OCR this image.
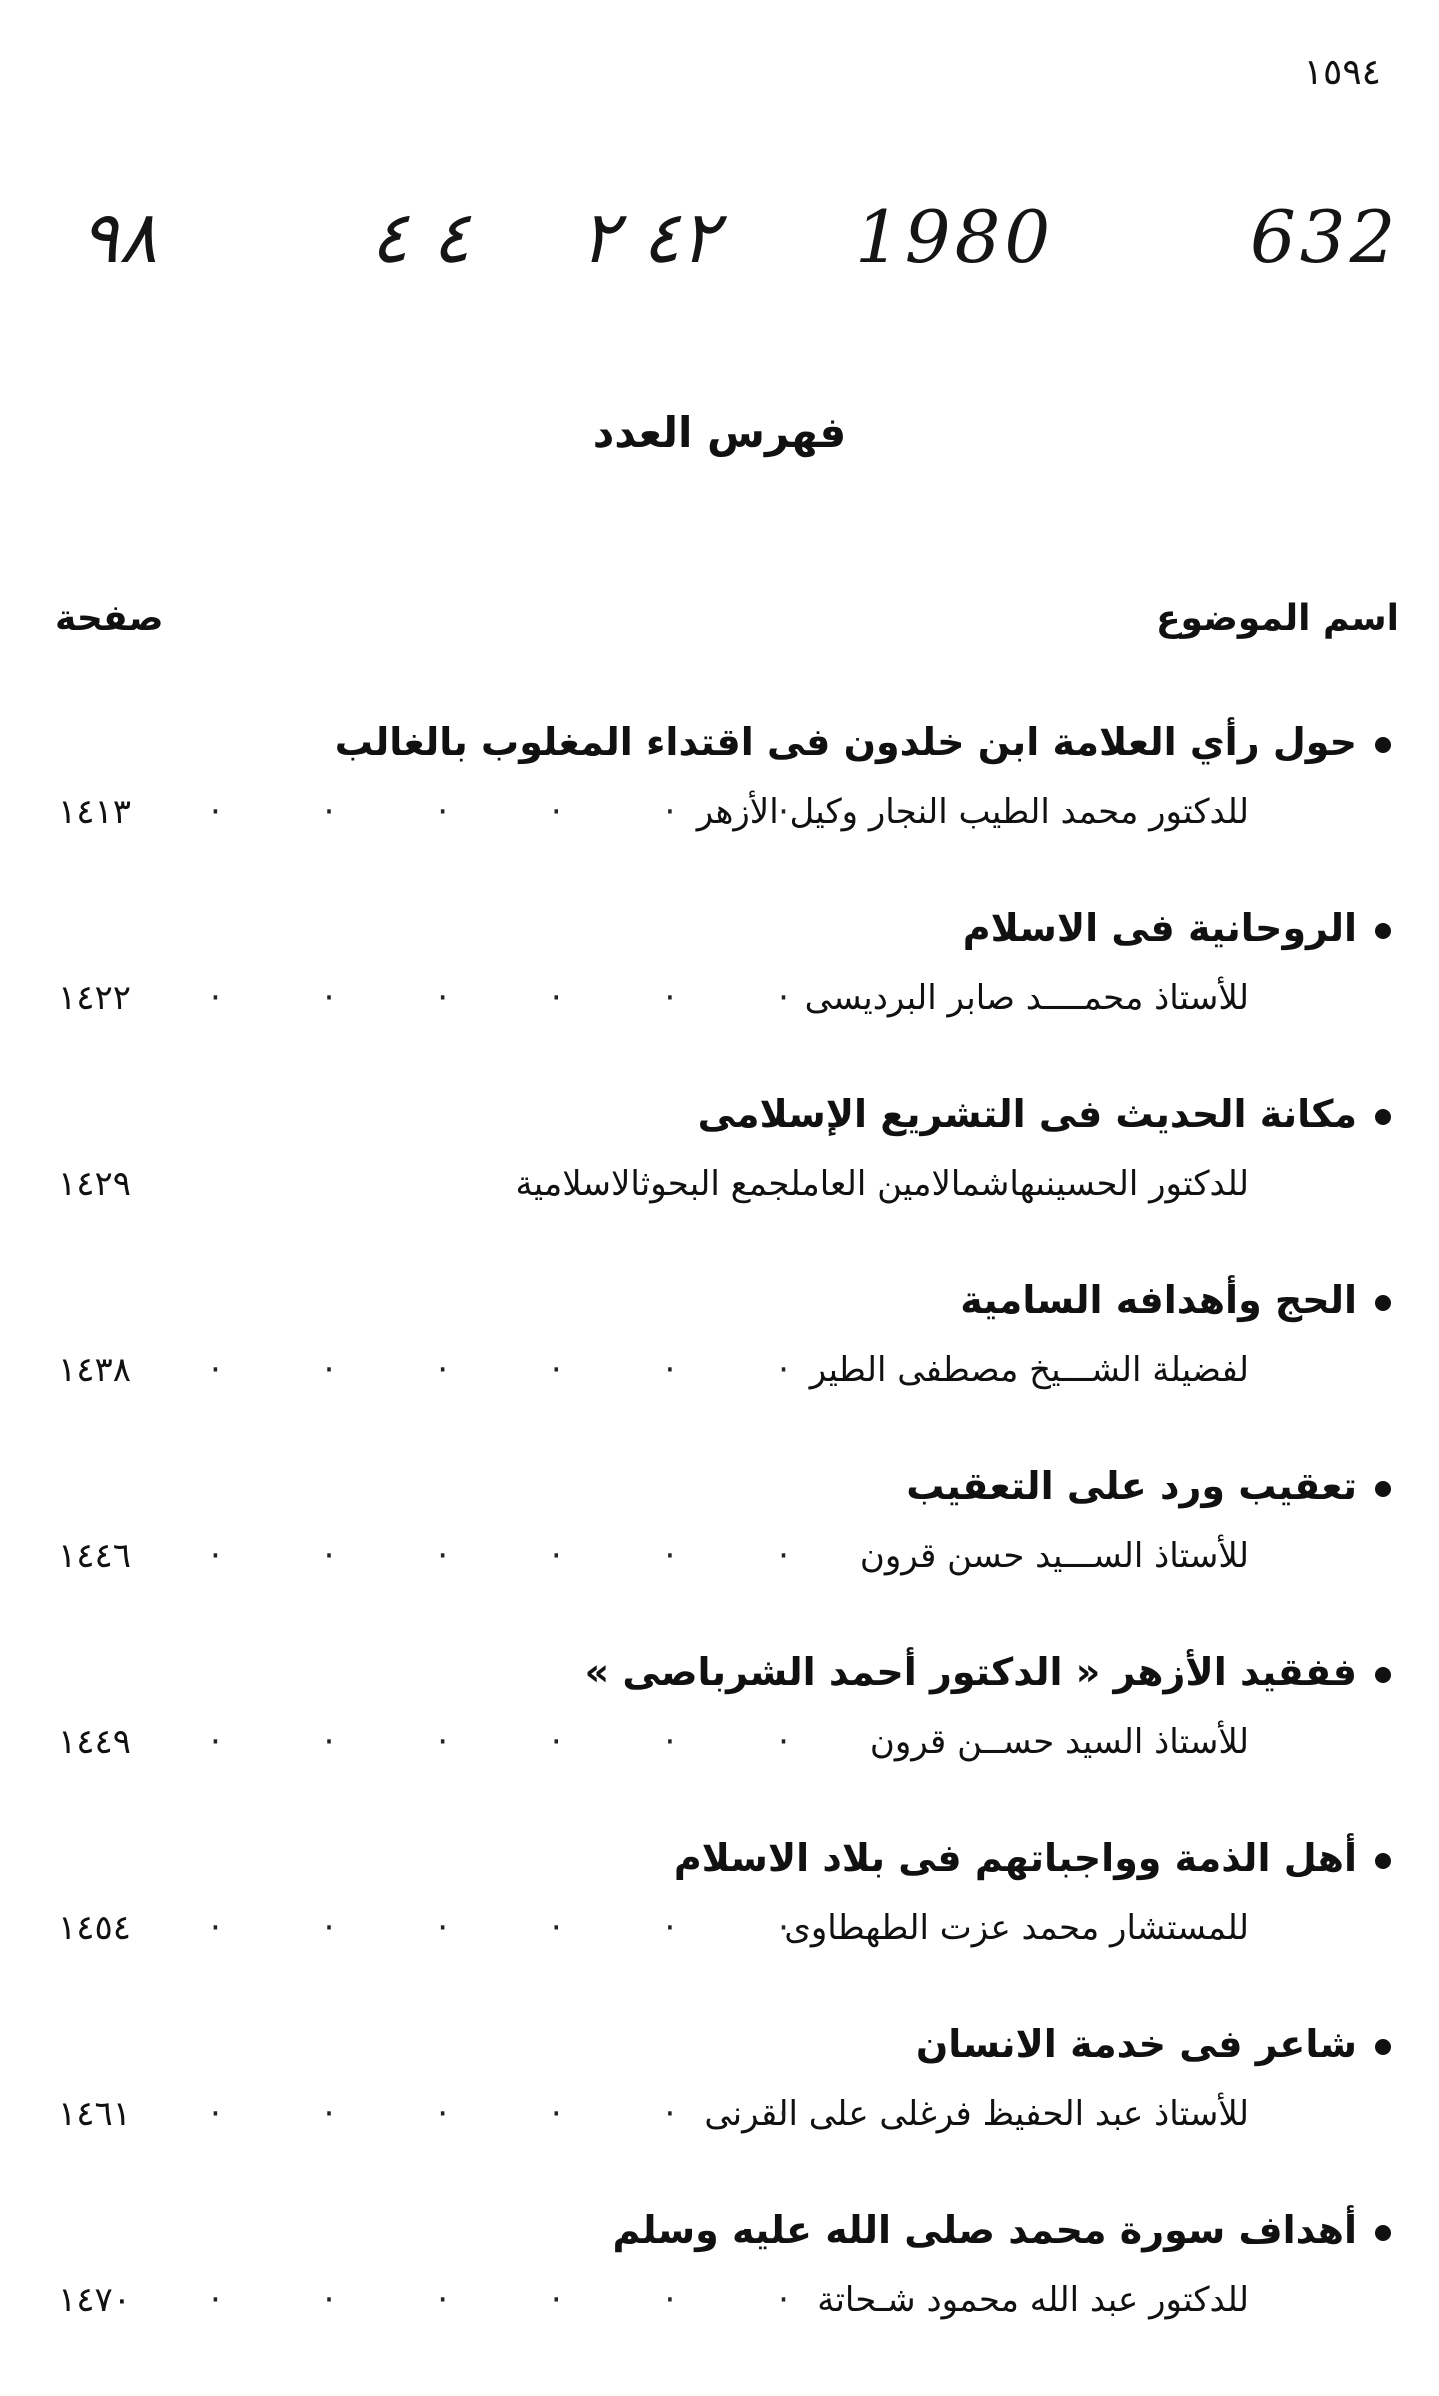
١٥٩٤
٩٨	٤ ٤ ٤٢ ٢ 1980	632
فهرس العدد
اسم الموضوع
صفحة
حول رأي العلامة ابن خلدون فى اقتداء المغلوب بالغالب
للدكتور محمد الطيب النجار وكيل الأزهر
· · · · · ·
١٤١٣
الروحانية فى الاسلام
للأستاذ محمــــد صابر البرديسى
· · · · · ·
١٤٢٢
مكانة الحديث فى التشريع الإسلامى
للدكتور الحسينىهاشمالامين العاملجمع البحوثالاسلامية
١٤٢٩
الحج وأهدافه السامية
لفضيلة الشـــيخ مصطفى الطير
· · · · · ·
١٤٣٨
تعقيب ورد على التعقيب
للأستاذ الســـيد حسن قرون
· · · · · ·
١٤٤٦
ففقيد الأزهر « الدكتور أحمد الشرباصى »
للأستاذ السيد حســن قرون
· · · · · ·
١٤٤٩
أهل الذمة وواجباتهم فى بلاد الاسلام
للمستشار محمد عزت الطهطاوى
· · · · · ·
١٤٥٤
شاعر فى خدمة الانسان
للأستاذ عبد الحفيظ فرغلى على القرنى
· · · · · ·
١٤٦١
أهداف سورة محمد صلى الله عليه وسلم
للدكتور عبد الله محمود شـحاتة
· · · · · ·
١٤٧٠
